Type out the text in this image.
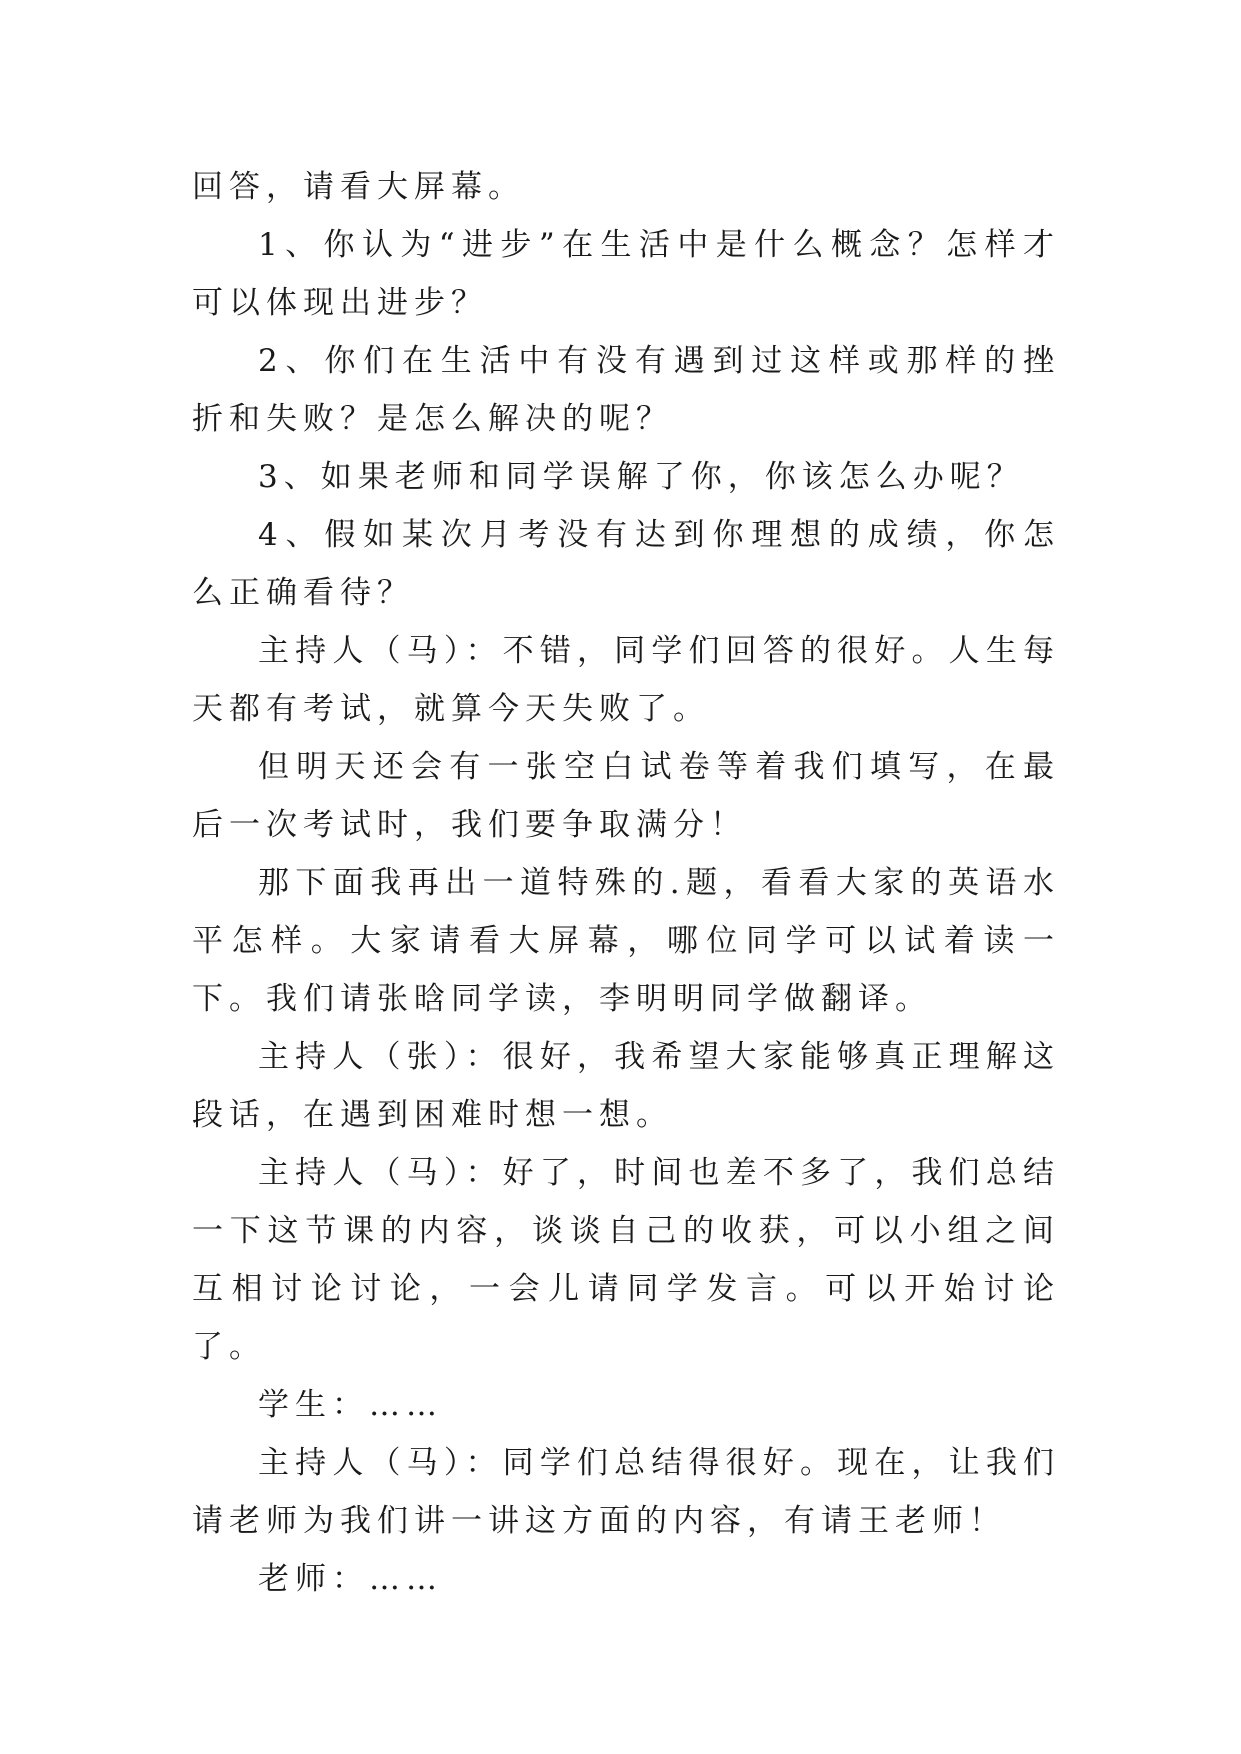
回答，请看大屏幕。

1、你认为“进步”在生活中是什么概念？怎样才可以体现出进步？

2、你们在生活中有没有遇到过这样或那样的挫折和失败？是怎么解决的呢？

3、如果老师和同学误解了你，你该怎么办呢？

4、假如某次月考没有达到你理想的成绩，你怎么正确看待？

主持人（马）：不错，同学们回答的很好。人生每天都有考试，就算今天失败了。

但明天还会有一张空白试卷等着我们填写，在最后一次考试时，我们要争取满分！

那下面我再出一道特殊的.题，看看大家的英语水平怎样。大家请看大屏幕，哪位同学可以试着读一下。我们请张晗同学读，李明明同学做翻译。

主持人（张）：很好，我希望大家能够真正理解这段话，在遇到困难时想一想。

主持人（马）：好了，时间也差不多了，我们总结一下这节课的内容，谈谈自己的收获，可以小组之间互相讨论讨论，一会儿请同学发言。可以开始讨论了。

学生：……

主持人（马）：同学们总结得很好。现在，让我们请老师为我们讲一讲这方面的内容，有请王老师！

老师：……
